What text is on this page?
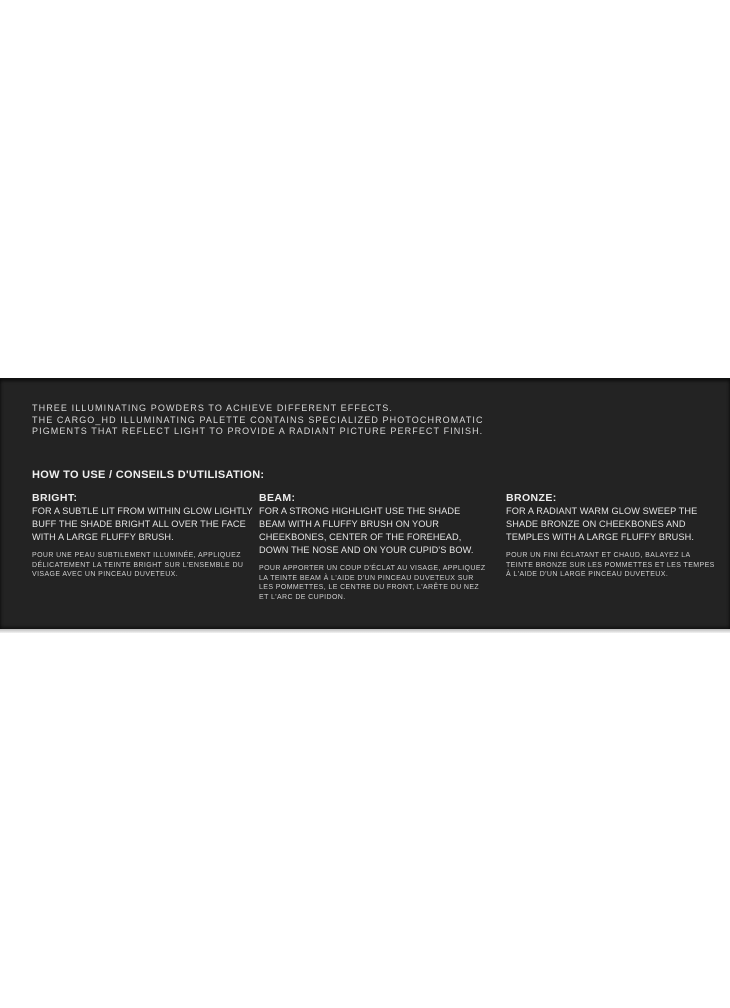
THREE ILLUMINATING POWDERS TO ACHIEVE DIFFERENT EFFECTS.
THE CARGO_HD ILLUMINATING PALETTE CONTAINS SPECIALIZED PHOTOCHROMATIC
PIGMENTS THAT REFLECT LIGHT TO PROVIDE A RADIANT PICTURE PERFECT FINISH.
HOW TO USE / CONSEILS D'UTILISATION:
BRIGHT:
FOR A SUBTLE LIT FROM WITHIN GLOW LIGHTLY BUFF THE SHADE BRIGHT ALL OVER THE FACE WITH A LARGE FLUFFY BRUSH.
POUR UNE PEAU SUBTILEMENT ILLUMINÉE, APPLIQUEZ DÉLICATEMENT LA TEINTE BRIGHT SUR L'ENSEMBLE DU VISAGE AVEC UN PINCEAU DUVETEUX.
BEAM:
FOR A STRONG HIGHLIGHT USE THE SHADE BEAM WITH A FLUFFY BRUSH ON YOUR CHEEKBONES, CENTER OF THE FOREHEAD, DOWN THE NOSE AND ON YOUR CUPID'S BOW.
POUR APPORTER UN COUP D'ÉCLAT AU VISAGE, APPLIQUEZ LA TEINTE BEAM À L'AIDE D'UN PINCEAU DUVETEUX SUR LES POMMETTES, LE CENTRE DU FRONT, L'ARÊTE DU NEZ ET L'ARC DE CUPIDON.
BRONZE:
FOR A RADIANT WARM GLOW SWEEP THE SHADE BRONZE ON CHEEKBONES AND TEMPLES WITH A LARGE FLUFFY BRUSH.
POUR UN FINI ÉCLATANT ET CHAUD, BALAYEZ LA TEINTE BRONZE SUR LES POMMETTES ET LES TEMPES À L'AIDE D'UN LARGE PINCEAU DUVETEUX.
